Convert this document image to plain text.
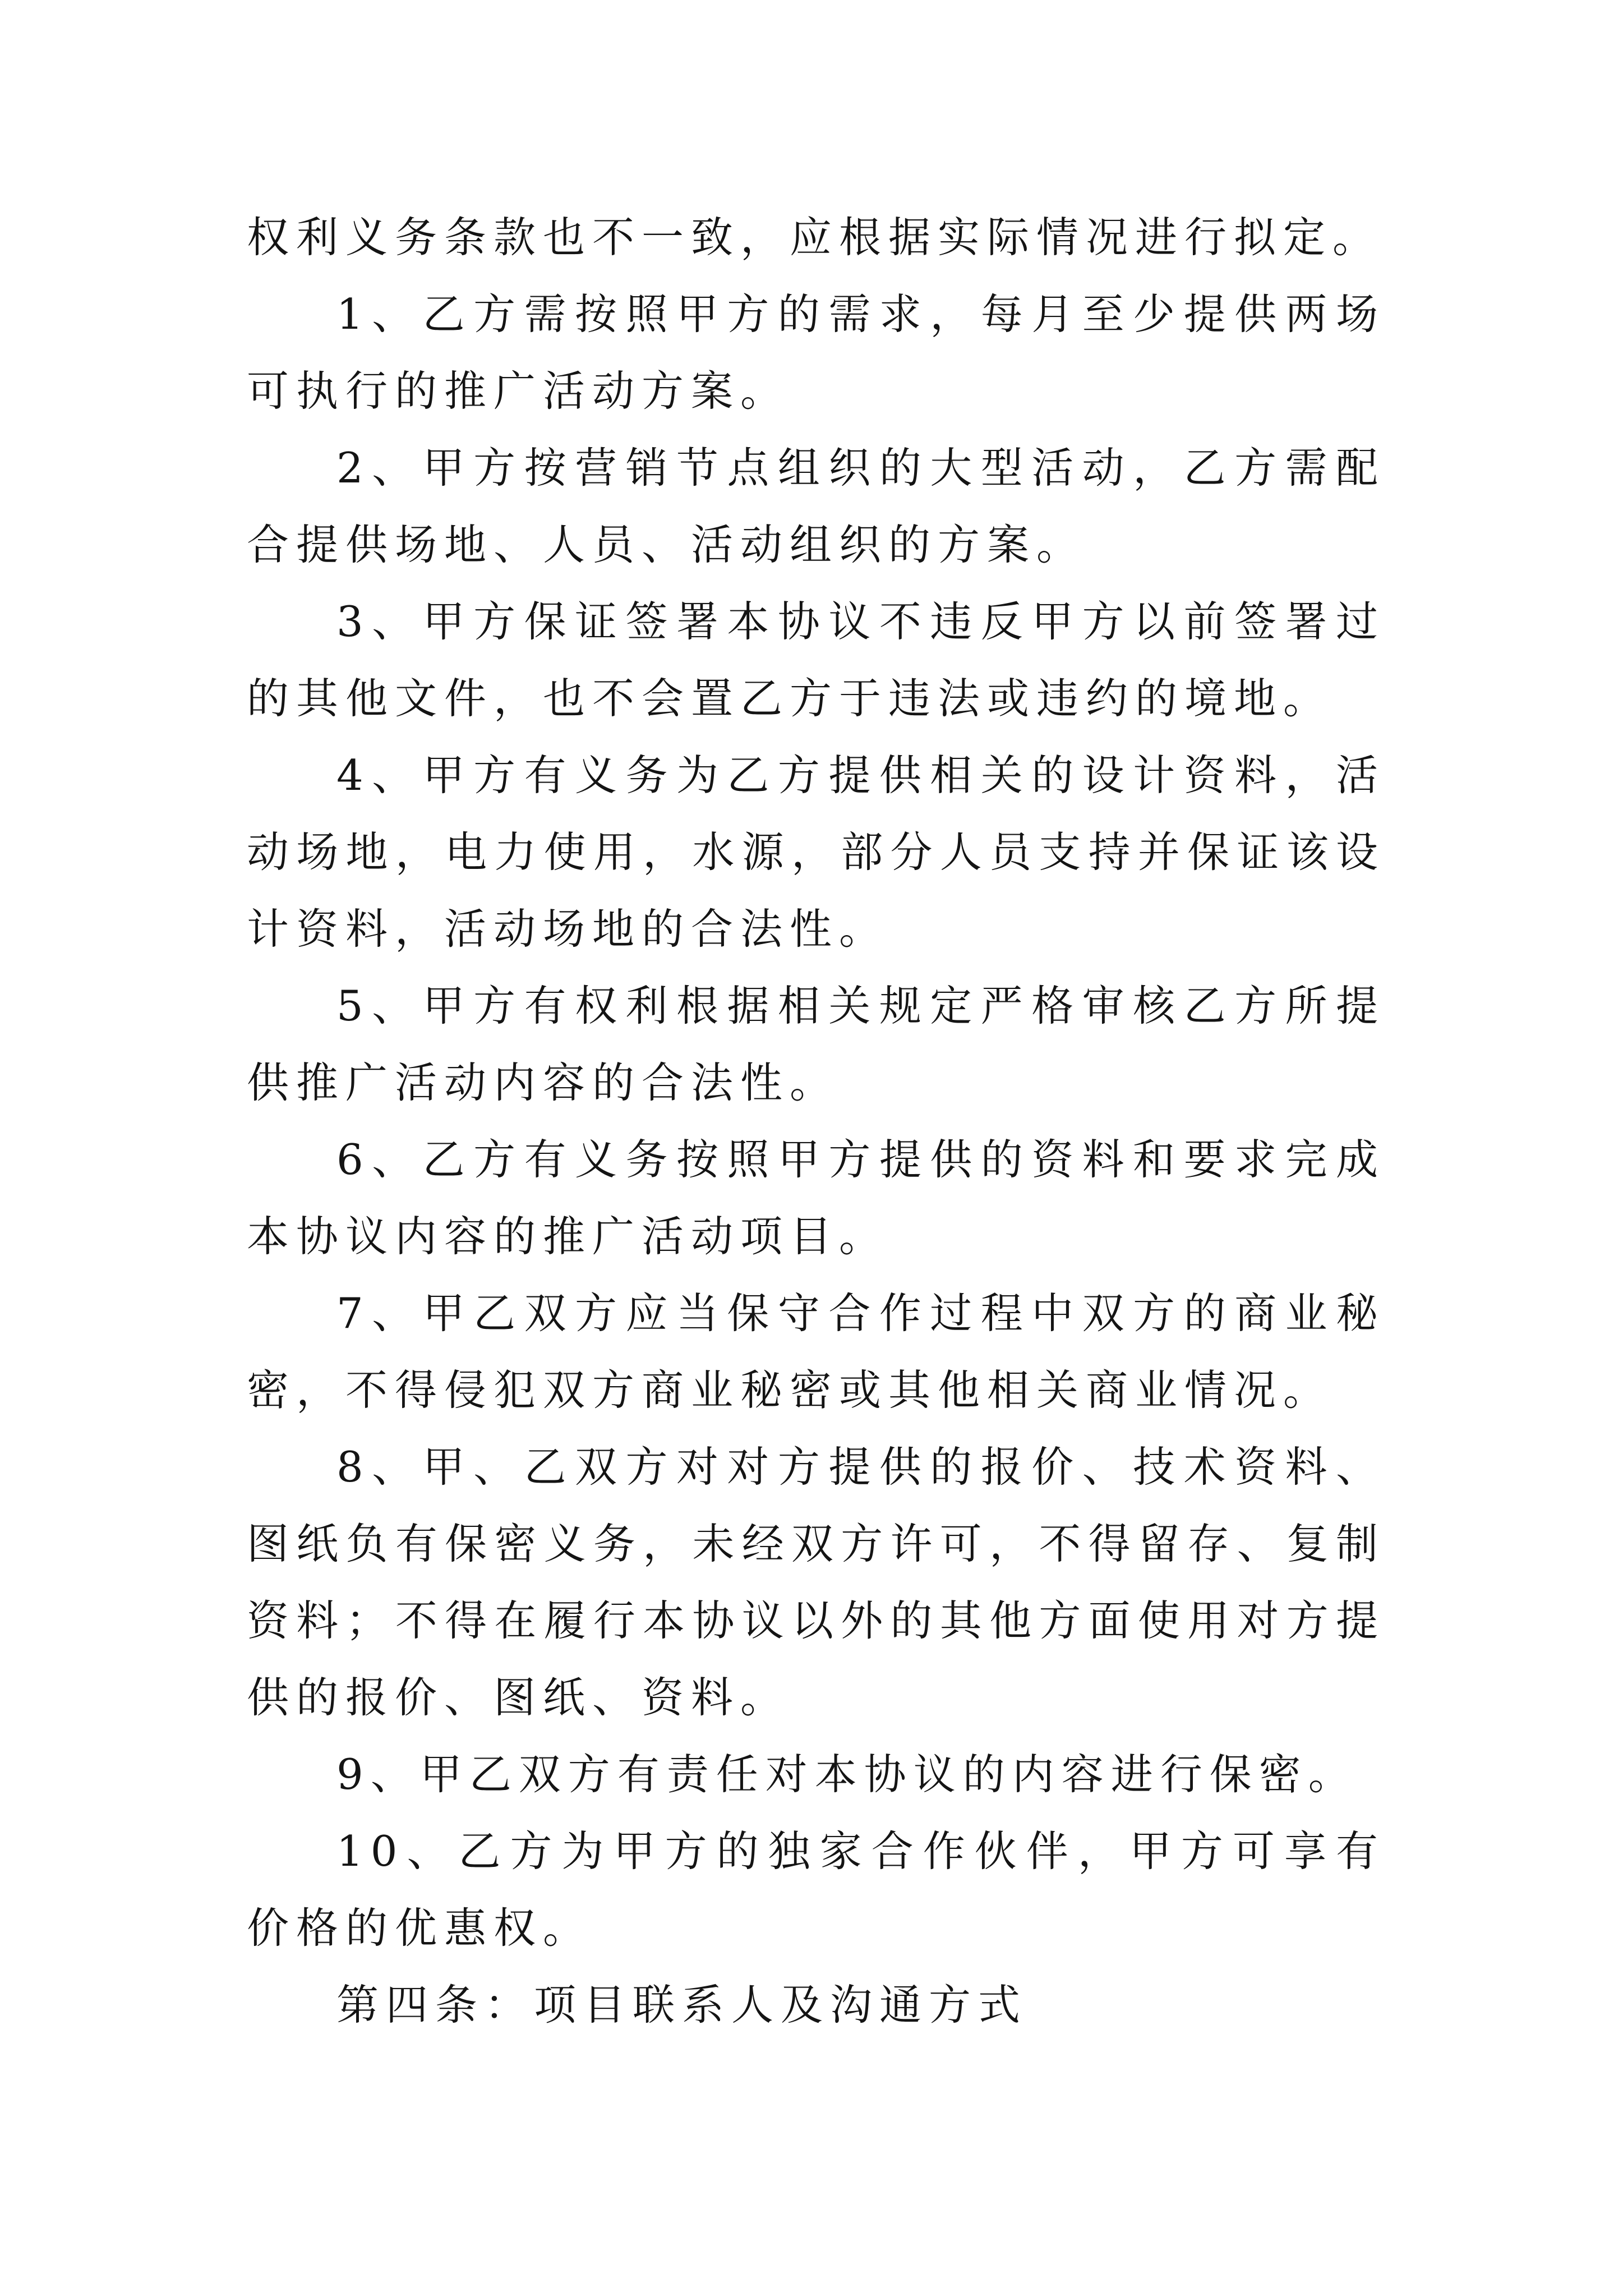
权利义务条款也不一致，应根据实际情况进行拟定。

1、乙方需按照甲方的需求，每月至少提供两场可执行的推广活动方案。

2、甲方按营销节点组织的大型活动，乙方需配合提供场地、人员、活动组织的方案。

3、甲方保证签署本协议不违反甲方以前签署过的其他文件，也不会置乙方于违法或违约的境地。

4、甲方有义务为乙方提供相关的设计资料，活动场地，电力使用，水源，部分人员支持并保证该设计资料，活动场地的合法性。

5、甲方有权利根据相关规定严格审核乙方所提供推广活动内容的合法性。

6、乙方有义务按照甲方提供的资料和要求完成本协议内容的推广活动项目。

7、甲乙双方应当保守合作过程中双方的商业秘密，不得侵犯双方商业秘密或其他相关商业情况。

8、甲、乙双方对对方提供的报价、技术资料、图纸负有保密义务，未经双方许可，不得留存、复制资料；不得在履行本协议以外的其他方面使用对方提供的报价、图纸、资料。

9、甲乙双方有责任对本协议的内容进行保密。

10、乙方为甲方的独家合作伙伴，甲方可享有价格的优惠权。

第四条：项目联系人及沟通方式
